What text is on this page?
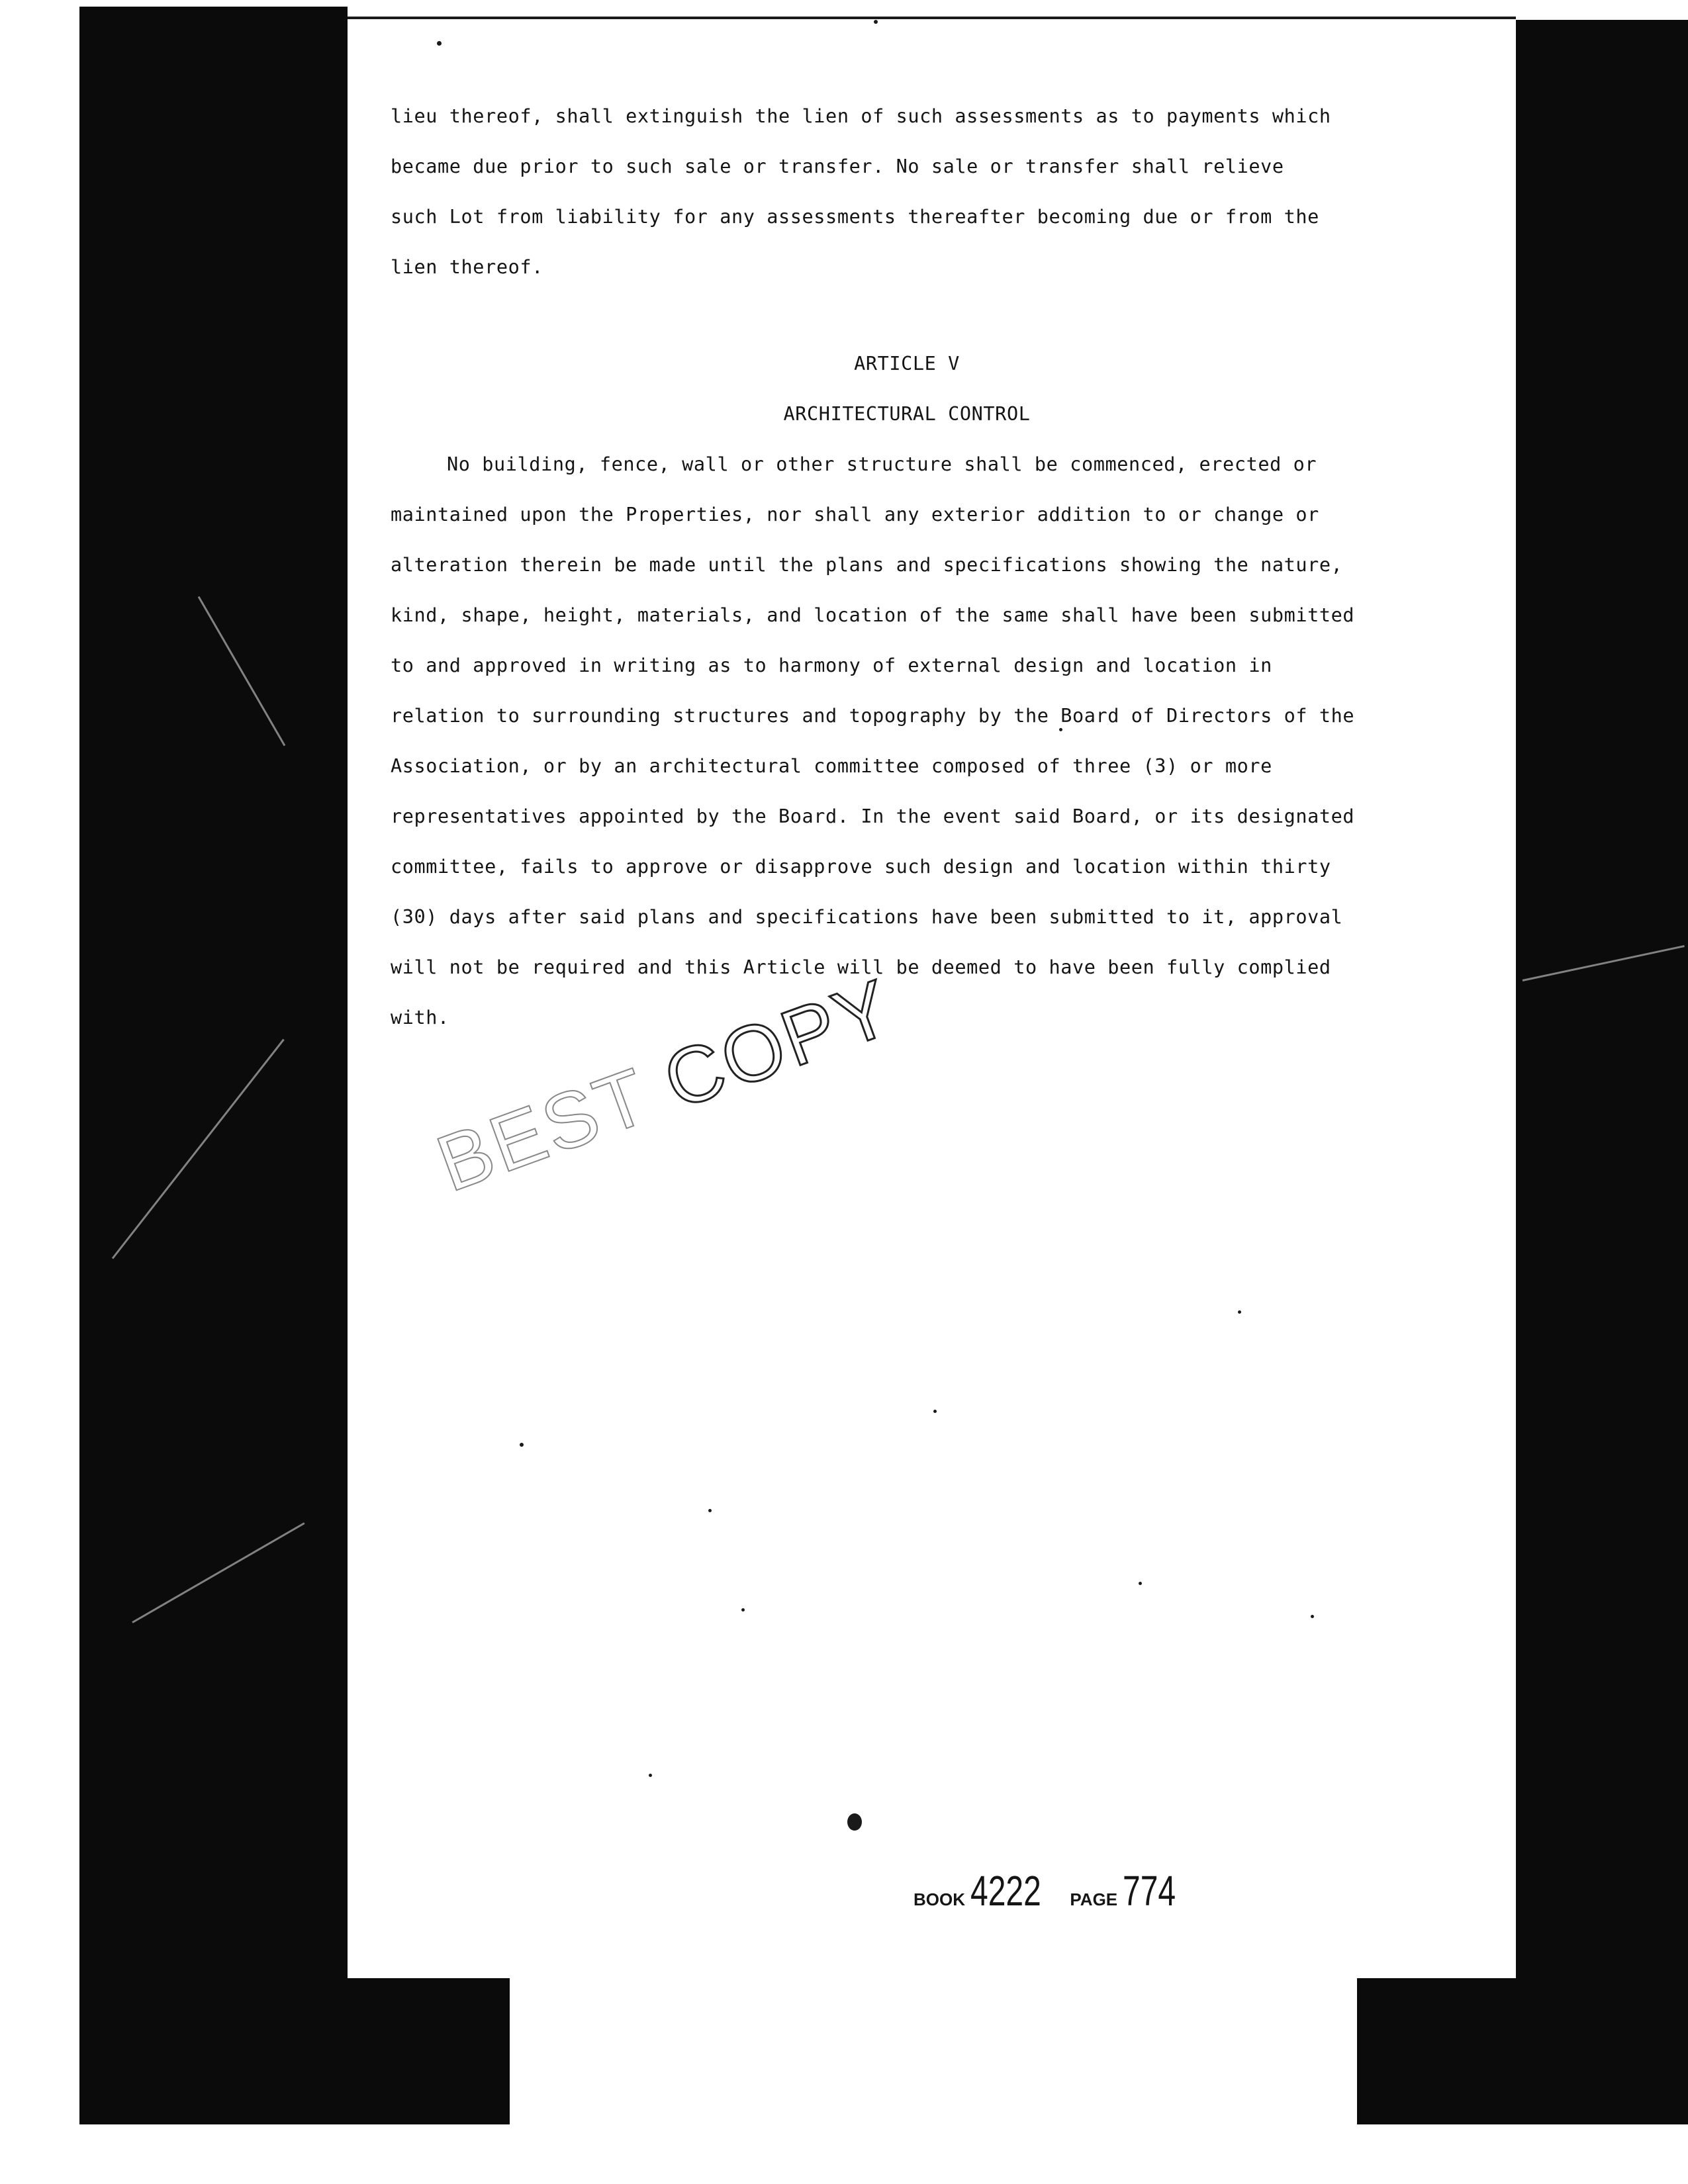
lieu thereof, shall extinguish the lien of such assessments as to payments which
became due prior to such sale or transfer. No sale or transfer shall relieve
such Lot from liability for any assessments thereafter becoming due or from the
lien thereof.
ARTICLE V
ARCHITECTURAL CONTROL
No building, fence, wall or other structure shall be commenced, erected or
maintained upon the Properties, nor shall any exterior addition to or change or
alteration therein be made until the plans and specifications showing the nature,
kind, shape, height, materials, and location of the same shall have been submitted
to and approved in writing as to harmony of external design and location in
relation to surrounding structures and topography by the Board of Directors of the
Association, or by an architectural committee composed of three (3) or more
representatives appointed by the Board. In the event said Board, or its designated
committee, fails to approve or disapprove such design and location within thirty
(30) days after said plans and specifications have been submitted to it, approval
will not be required and this Article will be deemed to have been fully complied
with.
BEST COPY
BOOK 4222 PAGE 774
